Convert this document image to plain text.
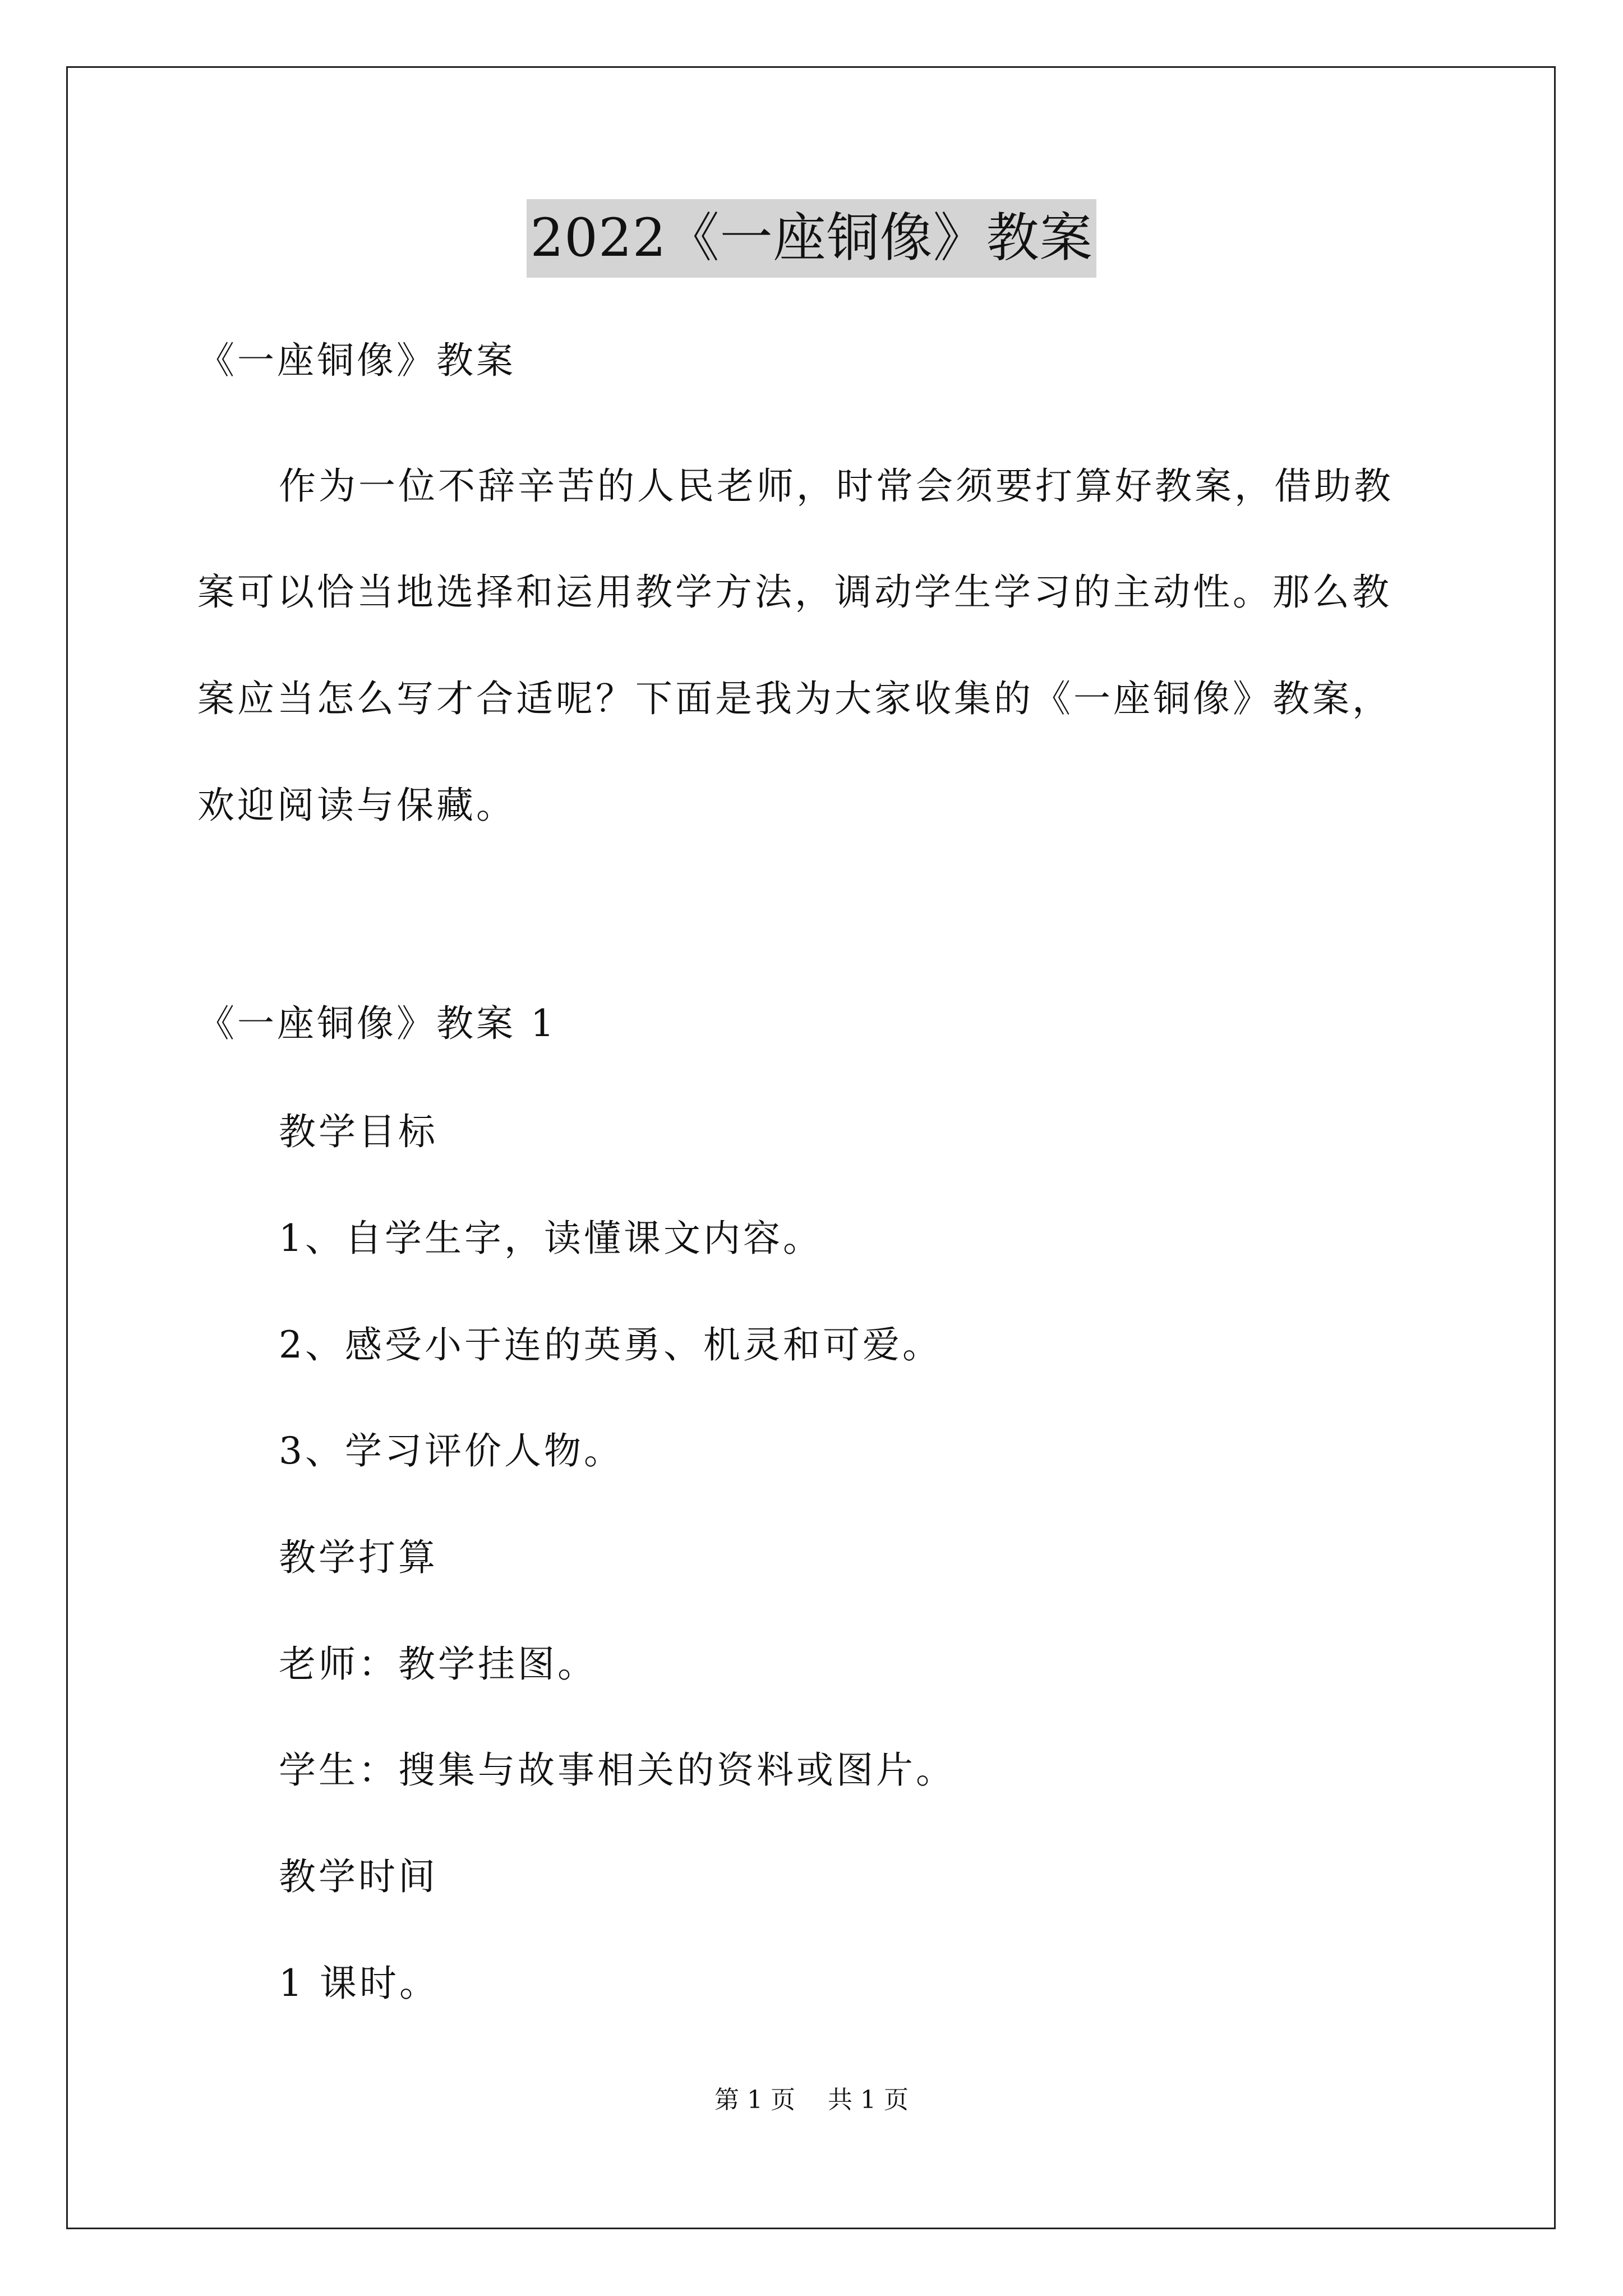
2022《一座铜像》教案
《一座铜像》教案
作为一位不辞辛苦的人民老师，时常会须要打算好教案，借助教
案可以恰当地选择和运用教学方法，调动学生学习的主动性。那么教
案应当怎么写才合适呢？下面是我为大家收集的《一座铜像》教案，
欢迎阅读与保藏。
《一座铜像》教案 1
教学目标
1、自学生字，读懂课文内容。
2、感受小于连的英勇、机灵和可爱。
3、学习评价人物。
教学打算
老师：教学挂图。
学生：搜集与故事相关的资料或图片。
教学时间
1 课时。
第 1 页 共 1 页
